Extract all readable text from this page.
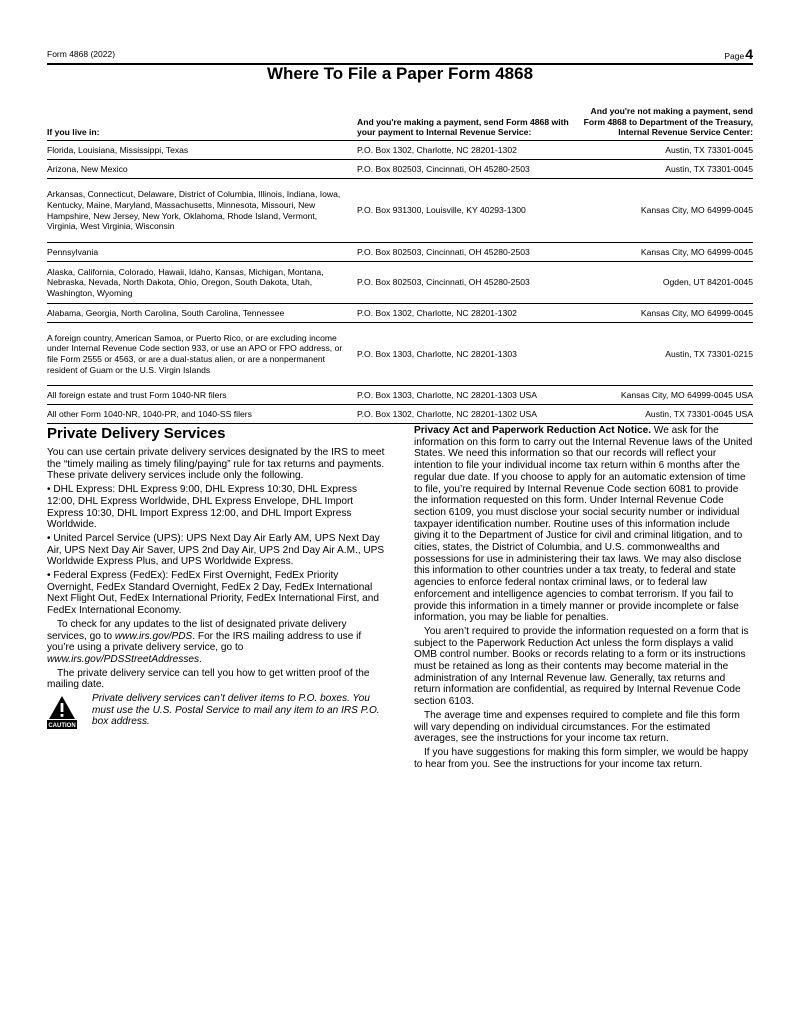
Form 4868 (2022)	Page4
Where To File a Paper Form 4868
If you live in:	And you're making a payment, send Form 4868 with your payment to Internal Revenue Service:	And you're not making a payment, send Form 4868 to Department of the Treasury, Internal Revenue Service Center:
Florida, Louisiana, Mississippi, Texas	P.O. Box 1302, Charlotte, NC 28201-1302	Austin, TX 73301-0045
Arizona, New Mexico	P.O. Box 802503, Cincinnati, OH 45280-2503	Austin, TX 73301-0045
Arkansas, Connecticut, Delaware, District of Columbia, Illinois, Indiana, Iowa, Kentucky, Maine, Maryland, Massachusetts, Minnesota, Missouri, New Hampshire, New Jersey, New York, Oklahoma, Rhode Island, Vermont, Virginia, West Virginia, Wisconsin	P.O. Box 931300, Louisville, KY 40293-1300	Kansas City, MO 64999-0045
Pennsylvania	P.O. Box 802503, Cincinnati, OH 45280-2503	Kansas City, MO 64999-0045
Alaska, California, Colorado, Hawaii, Idaho, Kansas, Michigan, Montana, Nebraska, Nevada, North Dakota, Ohio, Oregon, South Dakota, Utah, Washington, Wyoming	P.O. Box 802503, Cincinnati, OH 45280-2503	Ogden, UT 84201-0045
Alabama, Georgia, North Carolina, South Carolina, Tennessee	P.O. Box 1302, Charlotte, NC 28201-1302	Kansas City, MO 64999-0045
A foreign country, American Samoa, or Puerto Rico, or are excluding income under Internal Revenue Code section 933, or use an APO or FPO address, or file Form 2555 or 4563, or are a dual-status alien, or are a nonpermanent resident of Guam or the U.S. Virgin Islands	P.O. Box 1303, Charlotte, NC 28201-1303	Austin, TX 73301-0215
All foreign estate and trust Form 1040-NR filers	P.O. Box 1303, Charlotte, NC 28201-1303 USA	Kansas City, MO 64999-0045 USA
All other Form 1040-NR, 1040-PR, and 1040-SS filers	P.O. Box 1302, Charlotte, NC 28201-1302 USA	Austin, TX 73301-0045 USA
Private Delivery Services

You can use certain private delivery services designated by the IRS to meet the “timely mailing as timely filing/paying” rule for tax returns and payments. These private delivery services include only the following.

• DHL Express: DHL Express 9:00, DHL Express 10:30, DHL Express 12:00, DHL Express Worldwide, DHL Express Envelope, DHL Import Express 10:30, DHL Import Express 12:00, and DHL Import Express Worldwide.

• United Parcel Service (UPS): UPS Next Day Air Early AM, UPS Next Day Air, UPS Next Day Air Saver, UPS 2nd Day Air, UPS 2nd Day Air A.M., UPS Worldwide Express Plus, and UPS Worldwide Express.

• Federal Express (FedEx): FedEx First Overnight, FedEx Priority Overnight, FedEx Standard Overnight, FedEx 2 Day, FedEx International Next Flight Out, FedEx International Priority, FedEx International First, and FedEx International Economy.

To check for any updates to the list of designated private delivery services, go to www.irs.gov/PDS. For the IRS mailing address to use if you’re using a private delivery service, go to www.irs.gov/PDSStreetAddresses.

The private delivery service can tell you how to get written proof of the mailing date.

CAUTION
Private delivery services can’t deliver items to P.O. boxes. You must use the U.S. Postal Service to mail any item to an IRS P.O. box address.

Privacy Act and Paperwork Reduction Act Notice. We ask for the information on this form to carry out the Internal Revenue laws of the United States. We need this information so that our records will reflect your intention to file your individual income tax return within 6 months after the regular due date. If you choose to apply for an automatic extension of time to file, you’re required by Internal Revenue Code section 6081 to provide the information requested on this form. Under Internal Revenue Code section 6109, you must disclose your social security number or individual taxpayer identification number. Routine uses of this information include giving it to the Department of Justice for civil and criminal litigation, and to cities, states, the District of Columbia, and U.S. commonwealths and possessions for use in administering their tax laws. We may also disclose this information to other countries under a tax treaty, to federal and state agencies to enforce federal nontax criminal laws, or to federal law enforcement and intelligence agencies to combat terrorism. If you fail to provide this information in a timely manner or provide incomplete or false information, you may be liable for penalties.

You aren’t required to provide the information requested on a form that is subject to the Paperwork Reduction Act unless the form displays a valid OMB control number. Books or records relating to a form or its instructions must be retained as long as their contents may become material in the administration of any Internal Revenue law. Generally, tax returns and return information are confidential, as required by Internal Revenue Code section 6103.

The average time and expenses required to complete and file this form will vary depending on individual circumstances. For the estimated averages, see the instructions for your income tax return.

If you have suggestions for making this form simpler, we would be happy to hear from you. See the instructions for your income tax return.
